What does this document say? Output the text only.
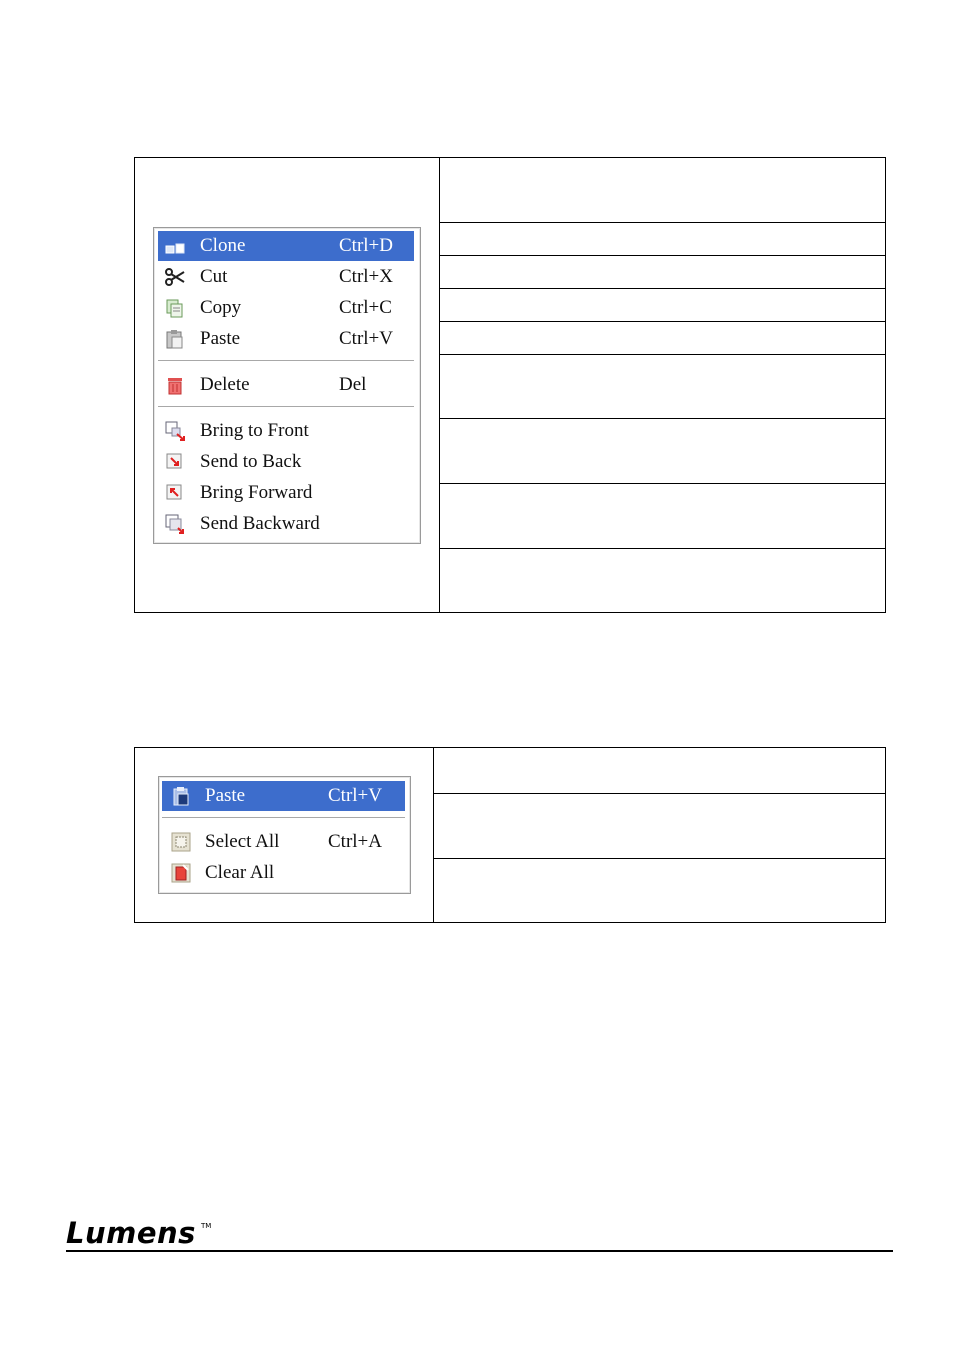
Clone	Ctrl+D
Cut	Ctrl+X
Copy	Ctrl+C
Paste	Ctrl+V
Delete	Del
Bring to Front
Send to Back
Bring Forward
Send Backward
Paste	Ctrl+V
Select All	Ctrl+A
Clear All
Lumens TM
